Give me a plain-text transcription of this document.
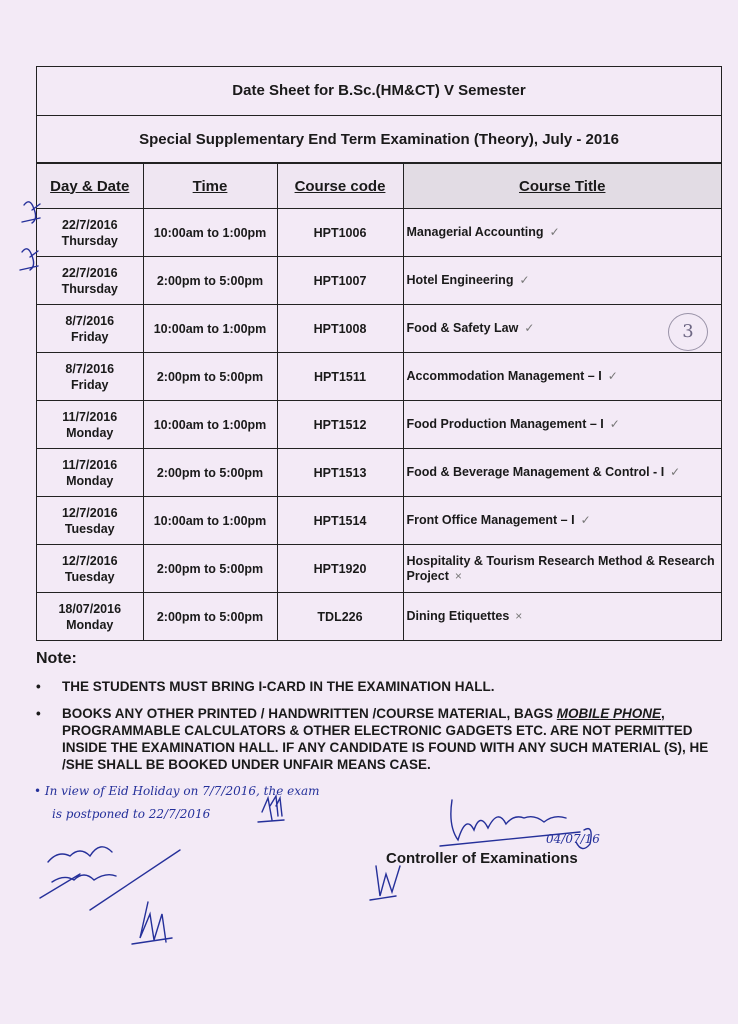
Date Sheet for B.Sc.(HM&CT) V Semester
Special Supplementary End Term Examination (Theory), July - 2016
Day & Date	Time	Course code	Course Title

22/7/2016
Thursday	10:00am to 1:00pm	HPT1006	Managerial Accounting ✓

22/7/2016
Thursday	2:00pm to 5:00pm	HPT1007	Hotel Engineering ✓

8/7/2016
Friday	10:00am to 1:00pm	HPT1008	Food & Safety Law ✓

8/7/2016
Friday	2:00pm to 5:00pm	HPT1511	Accommodation Management – I ✓

11/7/2016
Monday	10:00am to 1:00pm	HPT1512	Food Production Management – I ✓

11/7/2016
Monday	2:00pm to 5:00pm	HPT1513	Food & Beverage Management & Control - I ✓

12/7/2016
Tuesday	10:00am to 1:00pm	HPT1514	Front Office Management – I ✓

12/7/2016
Tuesday	2:00pm to 5:00pm	HPT1920	Hospitality & Tourism Research Method & Research Project ×

18/07/2016
Monday	2:00pm to 5:00pm	TDL226	Dining Etiquettes ×
3
Note:
• THE STUDENTS MUST BRING I-CARD IN THE EXAMINATION HALL.
• BOOKS ANY OTHER PRINTED / HANDWRITTEN /COURSE MATERIAL, BAGS MOBILE PHONE, PROGRAMMABLE CALCULATORS & OTHER ELECTRONIC GADGETS ETC. ARE NOT PERMITTED INSIDE THE EXAMINATION HALL. IF ANY CANDIDATE IS FOUND WITH ANY SUCH MATERIAL (S), HE /SHE SHALL BE BOOKED UNDER UNFAIR MEANS CASE.
• In view of Eid Holiday on 7/7/2016, the exam
is postponed to 22/7/2016
04/07/16
Controller of Examinations
